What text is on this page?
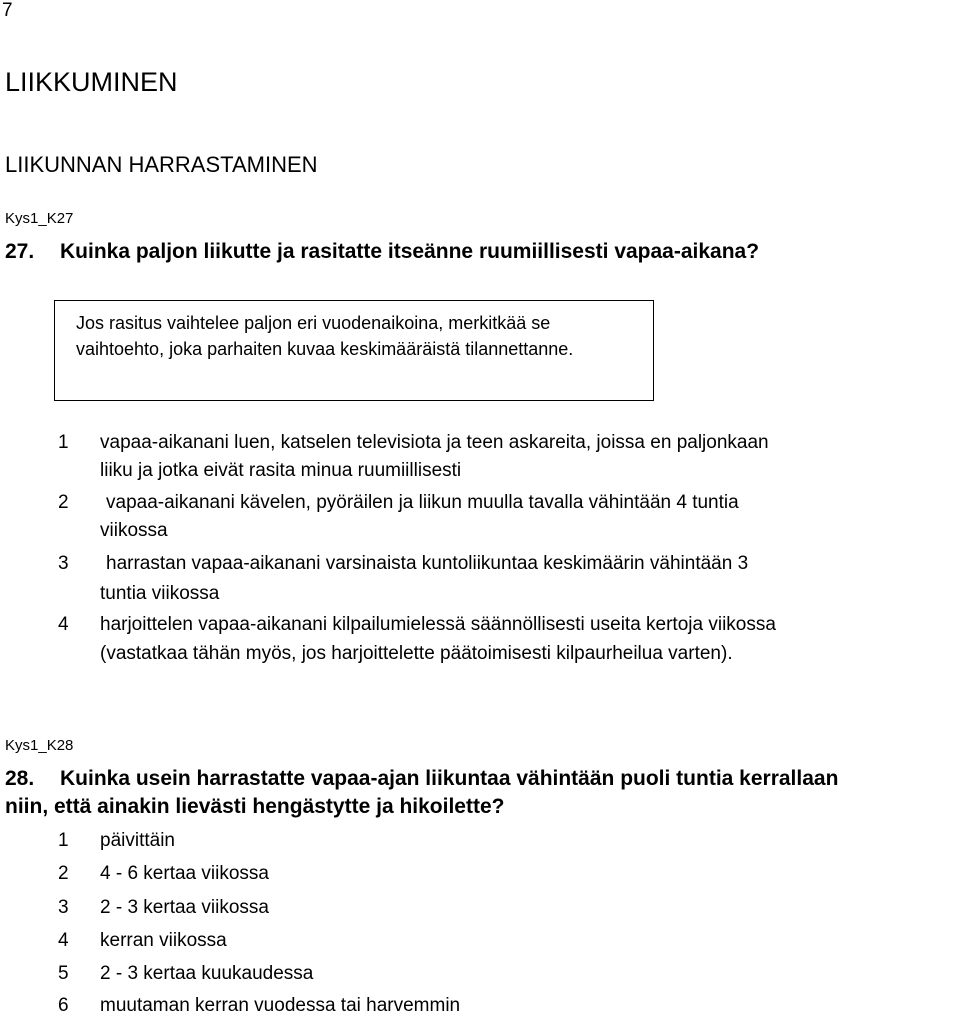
7
LIIKKUMINEN
LIIKUNNAN HARRASTAMINEN
Kys1_K27
27. Kuinka paljon liikutte ja rasitatte itseänne ruumiillisesti vapaa-aikana?
Jos rasitus vaihtelee paljon eri vuodenaikoina, merkitkää se vaihtoehto, joka parhaiten kuvaa keskimääräistä tilannettanne.
1 vapaa-aikanani luen, katselen televisiota ja teen askareita, joissa en paljonkaan
liiku ja jotka eivät rasita minua ruumiillisesti
2 vapaa-aikanani kävelen, pyöräilen ja liikun muulla tavalla vähintään 4 tuntia
viikossa
3 harrastan vapaa-aikanani varsinaista kuntoliikuntaa keskimäärin vähintään 3
tuntia viikossa
4 harjoittelen vapaa-aikanani kilpailumielessä säännöllisesti useita kertoja viikossa
(vastatkaa tähän myös, jos harjoittelette päätoimisesti kilpaurheilua varten).
Kys1_K28
28. Kuinka usein harrastatte vapaa-ajan liikuntaa vähintään puoli tuntia kerrallaan
niin, että ainakin lievästi hengästytte ja hikoilette?
1 päivittäin
2 4 - 6 kertaa viikossa
3 2 - 3 kertaa viikossa
4 kerran viikossa
5 2 - 3 kertaa kuukaudessa
6 muutaman kerran vuodessa tai harvemmin
